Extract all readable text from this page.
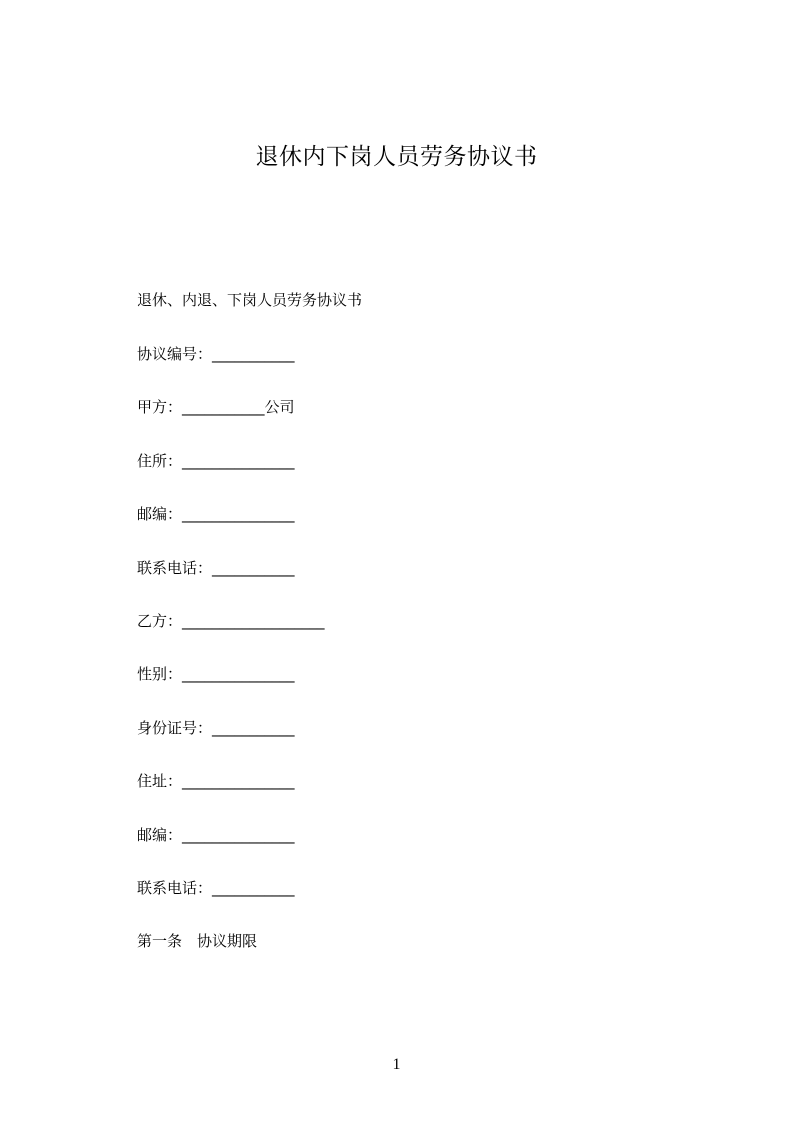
退休内下岗人员劳务协议书
退休、内退、下岗人员劳务协议书
协议编号：___________
甲方：___________公司
住所：_______________
邮编：_______________
联系电话：___________
乙方：___________________
性别：_______________
身份证号：___________
住址：_______________
邮编：_______________
联系电话：___________
第一条　协议期限
1
